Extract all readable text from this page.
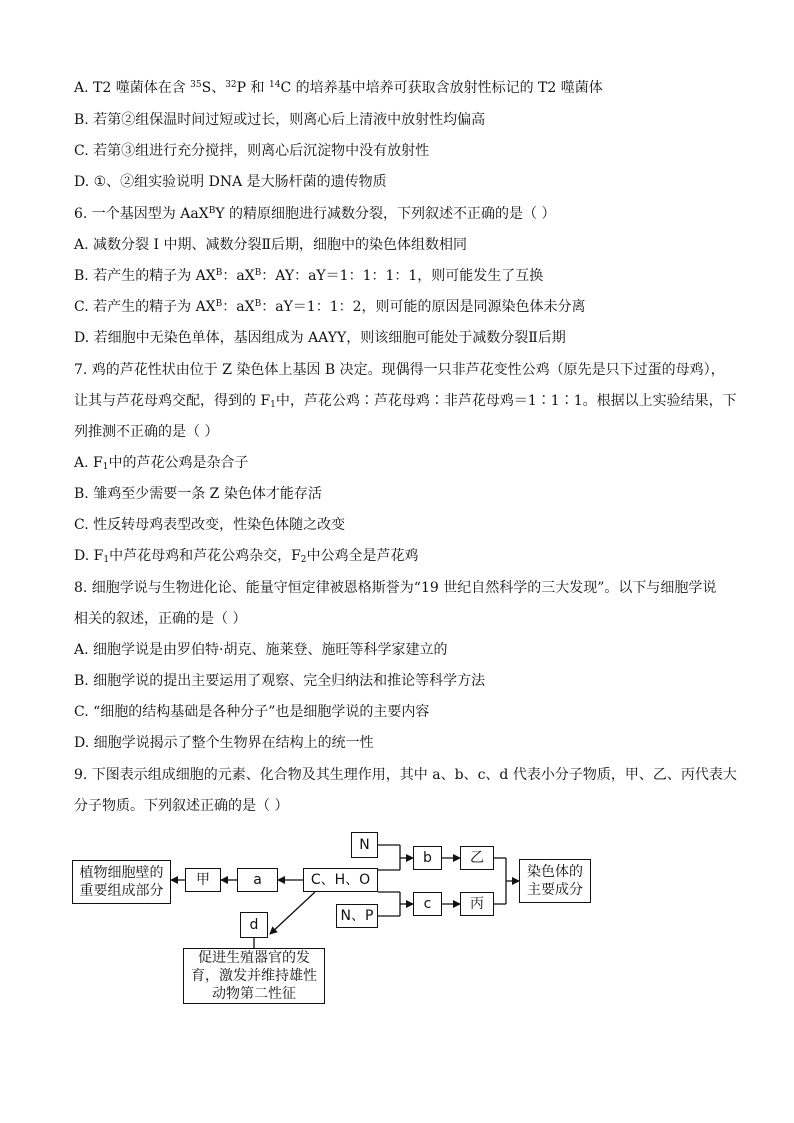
A. T2 噬菌体在含 $^{35}$S、$^{32}$P 和 $^{14}$C 的培养基中培养可获取含放射性标记的 T2 噬菌体
B. 若第②组保温时间过短或过长，则离心后上清液中放射性均偏高
C. 若第③组进行充分搅拌，则离心后沉淀物中没有放射性
D. ①、②组实验说明 DNA 是大肠杆菌的遗传物质
6. 一个基因型为 AaX$^B$Y 的精原细胞进行减数分裂，下列叙述不正确的是（ ）
A. 减数分裂 I 中期、减数分裂Ⅱ后期，细胞中的染色体组数相同
B. 若产生的精子为 $AX^B$：$aX^B$：AY：aY＝1：1：1：1，则可能发生了互换
C. 若产生的精子为 $AX^B$：$aX^B$：aY＝1：1：2，则可能的原因是同源染色体未分离
D. 若细胞中无染色单体，基因组成为 AAYY，则该细胞可能处于减数分裂Ⅱ后期
7. 鸡的芦花性状由位于 Z 染色体上基因 B 决定。现偶得一只非芦花变性公鸡（原先是只下过蛋的母鸡），
让其与芦花母鸡交配，得到的 $F_1$中，芦花公鸡∶芦花母鸡∶非芦花母鸡＝1∶1∶1。根据以上实验结果，下
列推测不正确的是（ ）
A. $F_1$中的芦花公鸡是杂合子
B. 雏鸡至少需要一条 Z 染色体才能存活
C. 性反转母鸡表型改变，性染色体随之改变
D. $F_1$中芦花母鸡和芦花公鸡杂交，$F_2$中公鸡全是芦花鸡
8. 细胞学说与生物进化论、能量守恒定律被恩格斯誉为“19 世纪自然科学的三大发现”。以下与细胞学说
相关的叙述，正确的是（ ）
A. 细胞学说是由罗伯特·胡克、施莱登、施旺等科学家建立的
B. 细胞学说的提出主要运用了观察、完全归纳法和推论等科学方法
C. “细胞的结构基础是各种分子”也是细胞学说的主要内容
D. 细胞学说揭示了整个生物界在结构上的统一性
9. 下图表示组成细胞的元素、化合物及其生理作用，其中 a、b、c、d 代表小分子物质，甲、乙、丙代表大
分子物质。下列叙述正确的是（ ）
植物细胞壁的重要组成部分
甲	a	C、H、O
N
N、P
b
c
乙
丙
染色体的主要成分
d
促进生殖器官的发育，激发并维持雄性动物第二性征
